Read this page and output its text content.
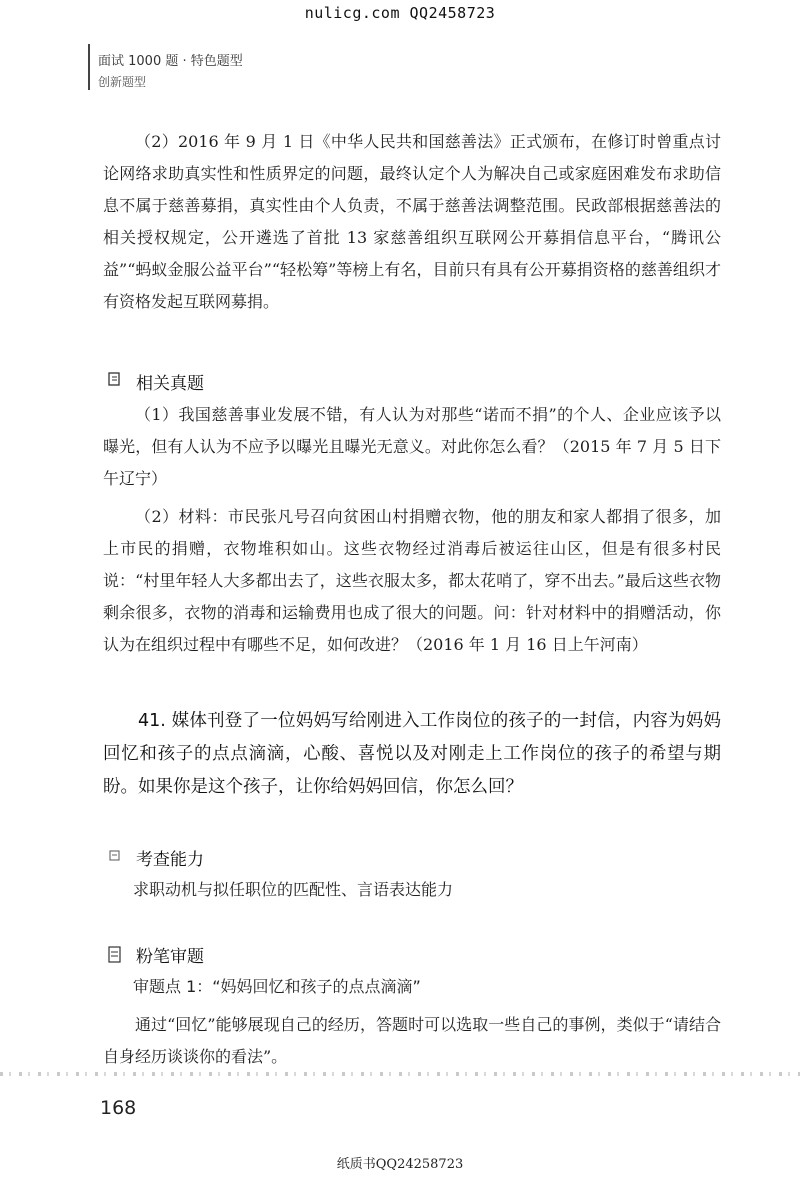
nulicg.com QQ2458723
面试 1000 题 · 特色题型
创新题型

（2）2016 年 9 月 1 日《中华人民共和国慈善法》正式颁布，在修订时曾重点讨论网络求助真实性和性质界定的问题，最终认定个人为解决自己或家庭困难发布求助信息不属于慈善募捐，真实性由个人负责，不属于慈善法调整范围。民政部根据慈善法的相关授权规定，公开遴选了首批 13 家慈善组织互联网公开募捐信息平台，“腾讯公益”“蚂蚁金服公益平台”“轻松筹”等榜上有名，目前只有具有公开募捐资格的慈善组织才有资格发起互联网募捐。

相关真题

（1）我国慈善事业发展不错，有人认为对那些“诺而不捐”的个人、企业应该予以曝光，但有人认为不应予以曝光且曝光无意义。对此你怎么看？（2015 年 7 月 5 日下午辽宁）

（2）材料：市民张凡号召向贫困山村捐赠衣物，他的朋友和家人都捐了很多，加上市民的捐赠，衣物堆积如山。这些衣物经过消毒后被运往山区，但是有很多村民说：“村里年轻人大多都出去了，这些衣服太多，都太花哨了，穿不出去。”最后这些衣物剩余很多，衣物的消毒和运输费用也成了很大的问题。问：针对材料中的捐赠活动，你认为在组织过程中有哪些不足，如何改进？（2016 年 1 月 16 日上午河南）

41. 媒体刊登了一位妈妈写给刚进入工作岗位的孩子的一封信，内容为妈妈回忆和孩子的点点滴滴，心酸、喜悦以及对刚走上工作岗位的孩子的希望与期盼。如果你是这个孩子，让你给妈妈回信，你怎么回？

考查能力
求职动机与拟任职位的匹配性、言语表达能力
粉笔审题
审题点 1：“妈妈回忆和孩子的点点滴滴”

通过“回忆”能够展现自己的经历，答题时可以选取一些自己的事例，类似于“请结合自身经历谈谈你的看法”。

168
纸质书QQ24258723
